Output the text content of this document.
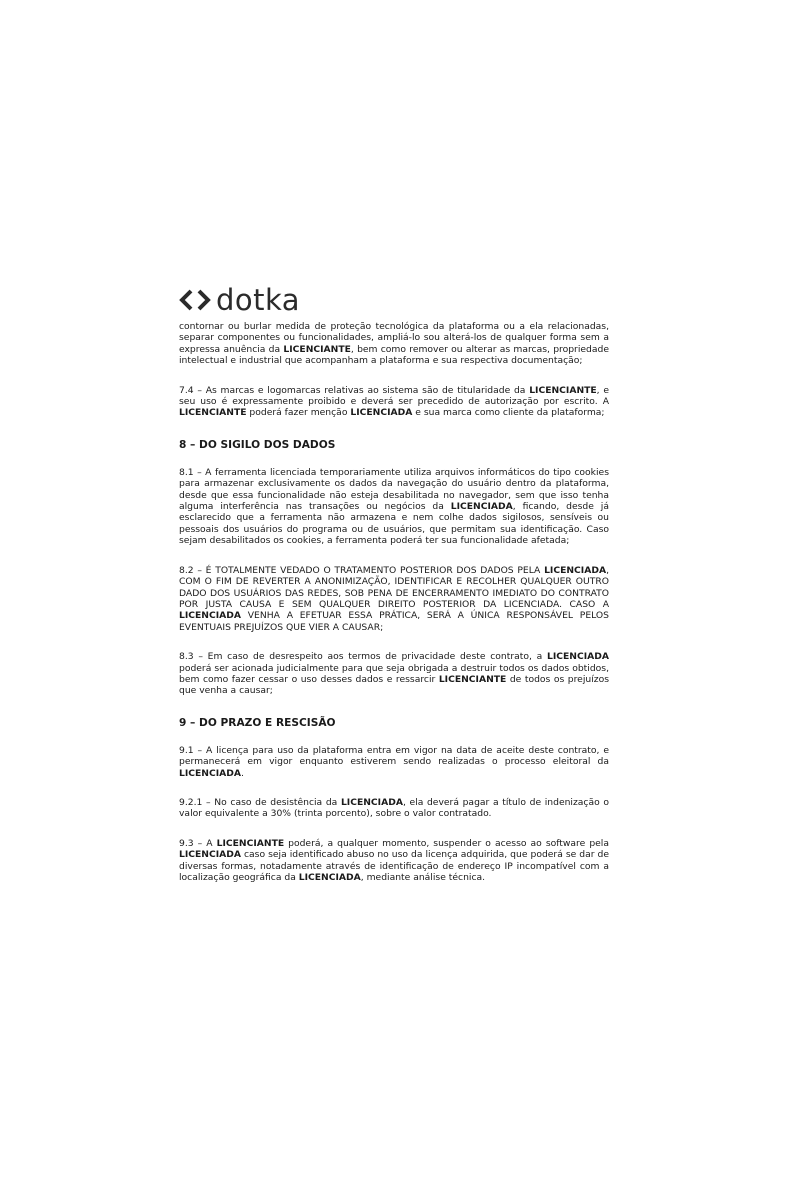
dotka

contornar ou burlar medida de proteção tecnológica da plataforma ou a ela relacionadas, separar componentes ou funcionalidades, ampliá-lo sou alterá-los de qualquer forma sem a expressa anuência da LICENCIANTE, bem como remover ou alterar as marcas, propriedade intelectual e industrial que acompanham a plataforma e sua respectiva documentação;

7.4 – As marcas e logomarcas relativas ao sistema são de titularidade da LICENCIANTE, e seu uso é expressamente proibido e deverá ser precedido de autorização por escrito. A LICENCIANTE poderá fazer menção LICENCIADA e sua marca como cliente da plataforma;

8 – DO SIGILO DOS DADOS

8.1 – A ferramenta licenciada temporariamente utiliza arquivos informáticos do tipo cookies para armazenar exclusivamente os dados da navegação do usuário dentro da plataforma, desde que essa funcionalidade não esteja desabilitada no navegador, sem que isso tenha alguma interferência nas transações ou negócios da LICENCIADA, ficando, desde já esclarecido que a ferramenta não armazena e nem colhe dados sigilosos, sensíveis ou pessoais dos usuários do programa ou de usuários, que permitam sua identificação. Caso sejam desabilitados os cookies, a ferramenta poderá ter sua funcionalidade afetada;

8.2 – É TOTALMENTE VEDADO O TRATAMENTO POSTERIOR DOS DADOS PELA LICENCIADA, COM O FIM DE REVERTER A ANONIMIZAÇÃO, IDENTIFICAR E RECOLHER QUALQUER OUTRO DADO DOS USUÁRIOS DAS REDES, SOB PENA DE ENCERRAMENTO IMEDIATO DO CONTRATO POR JUSTA CAUSA E SEM QUALQUER DIREITO POSTERIOR DA LICENCIADA. CASO A LICENCIADA VENHA A EFETUAR ESSA PRÁTICA, SERÁ A ÚNICA RESPONSÁVEL PELOS EVENTUAIS PREJUÍZOS QUE VIER A CAUSAR;

8.3 – Em caso de desrespeito aos termos de privacidade deste contrato, a LICENCIADA poderá ser acionada judicialmente para que seja obrigada a destruir todos os dados obtidos, bem como fazer cessar o uso desses dados e ressarcir LICENCIANTE de todos os prejuízos que venha a causar;

9 – DO PRAZO E RESCISÃO

9.1 – A licença para uso da plataforma entra em vigor na data de aceite deste contrato, e permanecerá em vigor enquanto estiverem sendo realizadas o processo eleitoral da LICENCIADA.

9.2.1 – No caso de desistência da LICENCIADA, ela deverá pagar a título de indenização o valor equivalente a 30% (trinta porcento), sobre o valor contratado.

9.3 – A LICENCIANTE poderá, a qualquer momento, suspender o acesso ao software pela LICENCIADA caso seja identificado abuso no uso da licença adquirida, que poderá se dar de diversas formas, notadamente através de identificação de endereço IP incompatível com a localização geográfica da LICENCIADA, mediante análise técnica.
